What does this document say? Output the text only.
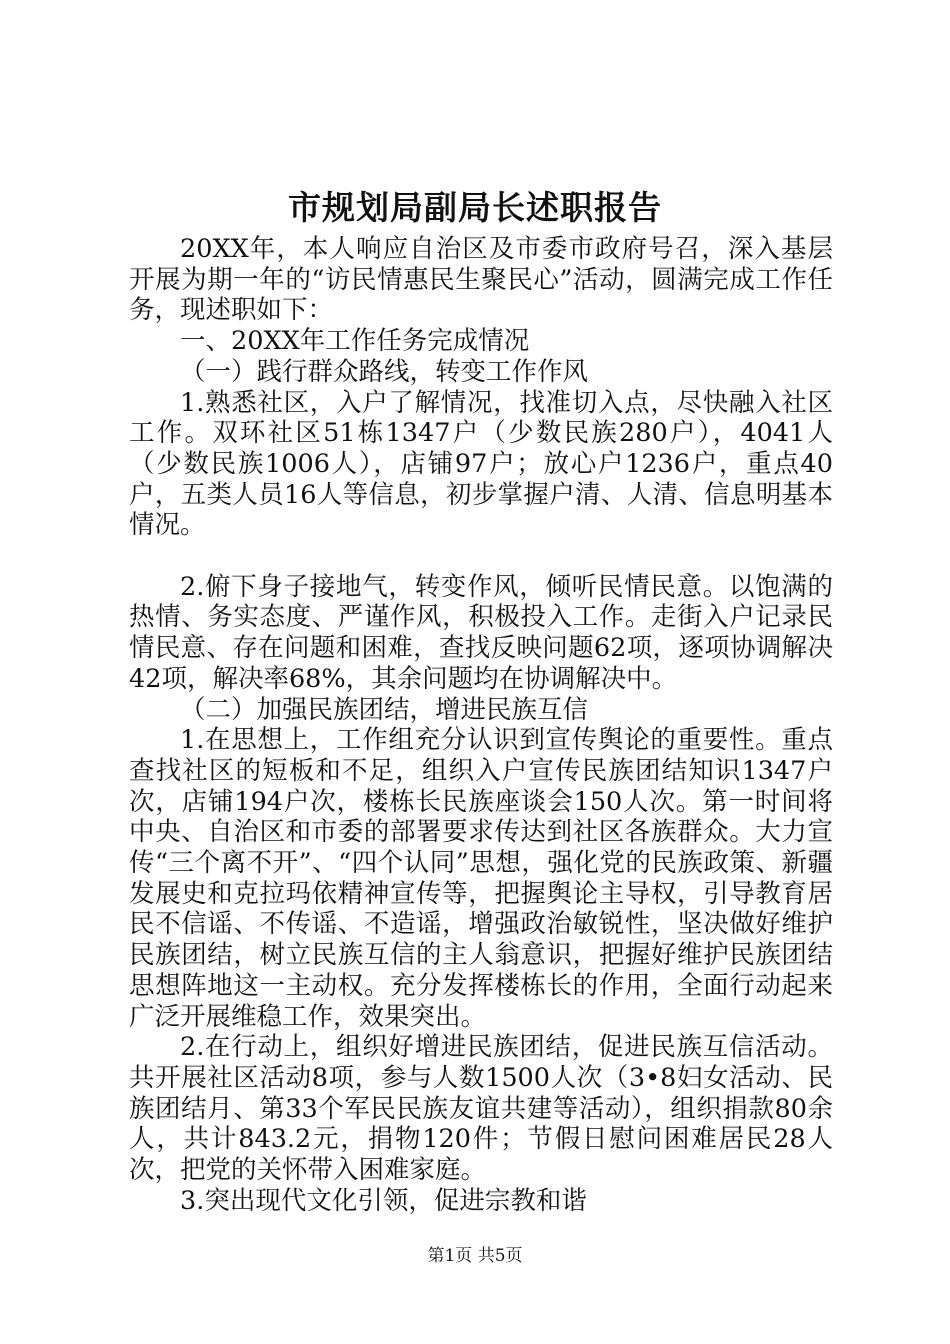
市规划局副局长述职报告

20XX年，本人响应自治区及市委市政府号召，深入基层开展为期一年的“访民情惠民生聚民心”活动，圆满完成工作任务，现述职如下：

一、20XX年工作任务完成情况

（一）践行群众路线，转变工作作风

1.熟悉社区，入户了解情况，找准切入点，尽快融入社区工作。双环社区51栋1347户（少数民族280户），4041人（少数民族1006人），店铺97户；放心户1236户，重点40户，五类人员16人等信息，初步掌握户清、人清、信息明基本情况。

2.俯下身子接地气，转变作风，倾听民情民意。以饱满的热情、务实态度、严谨作风，积极投入工作。走街入户记录民情民意、存在问题和困难，查找反映问题62项，逐项协调解决42项，解决率68%，其余问题均在协调解决中。

（二）加强民族团结，增进民族互信

1.在思想上，工作组充分认识到宣传舆论的重要性。重点查找社区的短板和不足，组织入户宣传民族团结知识1347户次，店铺194户次，楼栋长民族座谈会150人次。第一时间将中央、自治区和市委的部署要求传达到社区各族群众。大力宣传“三个离不开”、“四个认同”思想，强化党的民族政策、新疆发展史和克拉玛依精神宣传等，把握舆论主导权，引导教育居民不信谣、不传谣、不造谣，增强政治敏锐性，坚决做好维护民族团结，树立民族互信的主人翁意识，把握好维护民族团结思想阵地这一主动权。充分发挥楼栋长的作用，全面行动起来广泛开展维稳工作，效果突出。

2.在行动上，组织好增进民族团结，促进民族互信活动。共开展社区活动8项，参与人数1500人次（3•8妇女活动、民族团结月、第33个军民民族友谊共建等活动），组织捐款80余人，共计843.2元，捐物120件；节假日慰问困难居民28人次，把党的关怀带入困难家庭。

3.突出现代文化引领，促进宗教和谐

第1页 共5页
